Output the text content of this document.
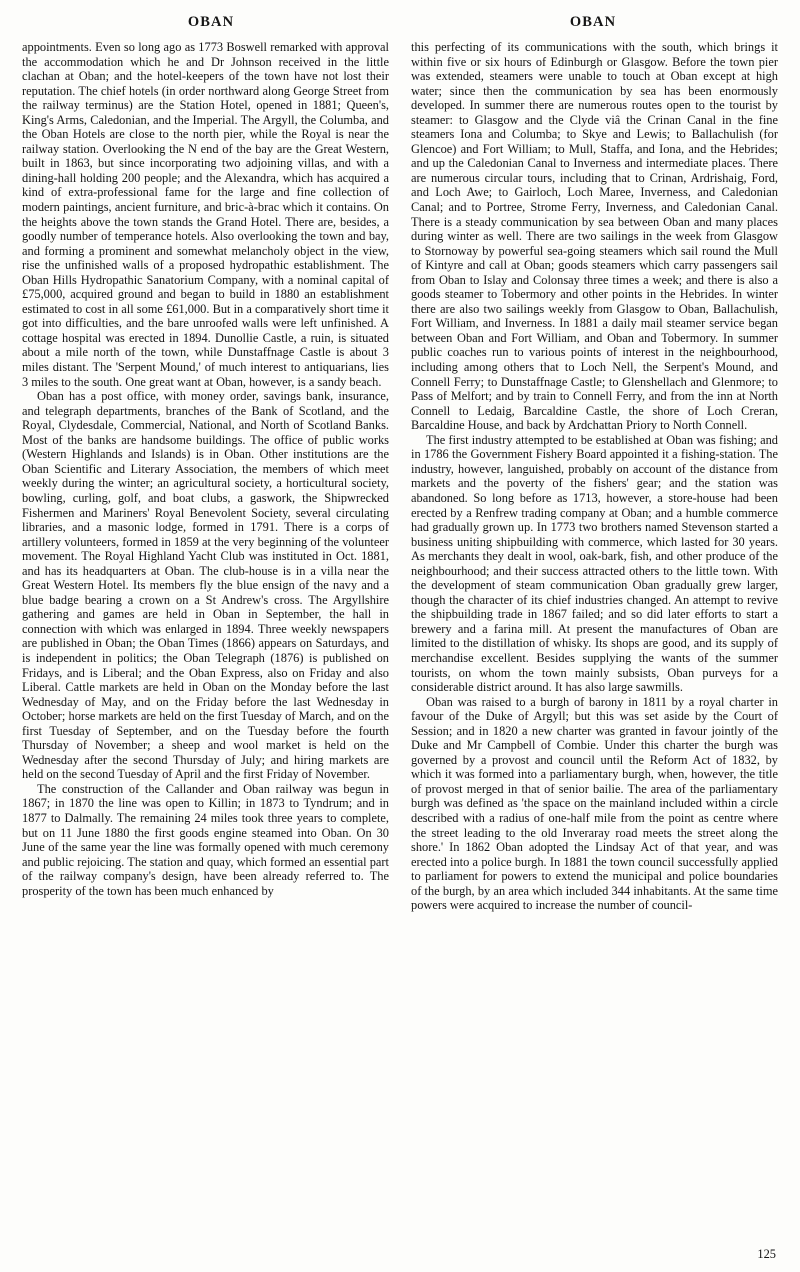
OBAN	OBAN

appointments. Even so long ago as 1773 Boswell remarked with approval the accommodation which he and Dr Johnson received in the little clachan at Oban; and the hotel-keepers of the town have not lost their reputation. The chief hotels (in order northward along George Street from the railway terminus) are the Station Hotel, opened in 1881; Queen's, King's Arms, Caledonian, and the Imperial. The Argyll, the Columba, and the Oban Hotels are close to the north pier, while the Royal is near the railway station. Overlooking the N end of the bay are the Great Western, built in 1863, but since incorporating two adjoining villas, and with a dining-hall holding 200 people; and the Alexandra, which has acquired a kind of extra-professional fame for the large and fine collection of modern paintings, ancient furniture, and bric-à-brac which it contains. On the heights above the town stands the Grand Hotel. There are, besides, a goodly number of temperance hotels. Also overlooking the town and bay, and forming a prominent and somewhat melancholy object in the view, rise the unfinished walls of a proposed hydropathic establishment. The Oban Hills Hydropathic Sanatorium Company, with a nominal capital of £75,000, acquired ground and began to build in 1880 an establishment estimated to cost in all some £61,000. But in a comparatively short time it got into difficulties, and the bare unroofed walls were left unfinished. A cottage hospital was erected in 1894. Dunollie Castle, a ruin, is situated about a mile north of the town, while Dunstaffnage Castle is about 3 miles distant. The 'Serpent Mound,' of much interest to antiquarians, lies 3 miles to the south. One great want at Oban, however, is a sandy beach.

Oban has a post office, with money order, savings bank, insurance, and telegraph departments, branches of the Bank of Scotland, and the Royal, Clydesdale, Commercial, National, and North of Scotland Banks. Most of the banks are handsome buildings. The office of public works (Western Highlands and Islands) is in Oban. Other institutions are the Oban Scientific and Literary Association, the members of which meet weekly during the winter; an agricultural society, a horticultural society, bowling, curling, golf, and boat clubs, a gaswork, the Shipwrecked Fishermen and Mariners' Royal Benevolent Society, several circulating libraries, and a masonic lodge, formed in 1791. There is a corps of artillery volunteers, formed in 1859 at the very beginning of the volunteer movement. The Royal Highland Yacht Club was instituted in Oct. 1881, and has its headquarters at Oban. The club-house is in a villa near the Great Western Hotel. Its members fly the blue ensign of the navy and a blue badge bearing a crown on a St Andrew's cross. The Argyllshire gathering and games are held in Oban in September, the hall in connection with which was enlarged in 1894. Three weekly newspapers are published in Oban; the Oban Times (1866) appears on Saturdays, and is independent in politics; the Oban Telegraph (1876) is published on Fridays, and is Liberal; and the Oban Express, also on Friday and also Liberal. Cattle markets are held in Oban on the Monday before the last Wednesday of May, and on the Friday before the last Wednesday in October; horse markets are held on the first Tuesday of March, and on the first Tuesday of September, and on the Tuesday before the fourth Thursday of November; a sheep and wool market is held on the Wednesday after the second Thursday of July; and hiring markets are held on the second Tuesday of April and the first Friday of November.

The construction of the Callander and Oban railway was begun in 1867; in 1870 the line was open to Killin; in 1873 to Tyndrum; and in 1877 to Dalmally. The remaining 24 miles took three years to complete, but on 11 June 1880 the first goods engine steamed into Oban. On 30 June of the same year the line was formally opened with much ceremony and public rejoicing. The station and quay, which formed an essential part of the railway company's design, have been already referred to. The prosperity of the town has been much enhanced by

this perfecting of its communications with the south, which brings it within five or six hours of Edinburgh or Glasgow. Before the town pier was extended, steamers were unable to touch at Oban except at high water; since then the communication by sea has been enormously developed. In summer there are numerous routes open to the tourist by steamer: to Glasgow and the Clyde viâ the Crinan Canal in the fine steamers Iona and Columba; to Skye and Lewis; to Ballachulish (for Glencoe) and Fort William; to Mull, Staffa, and Iona, and the Hebrides; and up the Caledonian Canal to Inverness and intermediate places. There are numerous circular tours, including that to Crinan, Ardrishaig, Ford, and Loch Awe; to Gairloch, Loch Maree, Inverness, and Caledonian Canal; and to Portree, Strome Ferry, Inverness, and Caledonian Canal. There is a steady communication by sea between Oban and many places during winter as well. There are two sailings in the week from Glasgow to Stornoway by powerful sea-going steamers which sail round the Mull of Kintyre and call at Oban; goods steamers which carry passengers sail from Oban to Islay and Colonsay three times a week; and there is also a goods steamer to Tobermory and other points in the Hebrides. In winter there are also two sailings weekly from Glasgow to Oban, Ballachulish, Fort William, and Inverness. In 1881 a daily mail steamer service began between Oban and Fort William, and Oban and Tobermory. In summer public coaches run to various points of interest in the neighbourhood, including among others that to Loch Nell, the Serpent's Mound, and Connell Ferry; to Dunstaffnage Castle; to Glenshellach and Glenmore; to Pass of Melfort; and by train to Connell Ferry, and from the inn at North Connell to Ledaig, Barcaldine Castle, the shore of Loch Creran, Barcaldine House, and back by Ardchattan Priory to North Connell.

The first industry attempted to be established at Oban was fishing; and in 1786 the Government Fishery Board appointed it a fishing-station. The industry, however, languished, probably on account of the distance from markets and the poverty of the fishers' gear; and the station was abandoned. So long before as 1713, however, a store-house had been erected by a Renfrew trading company at Oban; and a humble commerce had gradually grown up. In 1773 two brothers named Stevenson started a business uniting shipbuilding with commerce, which lasted for 30 years. As merchants they dealt in wool, oak-bark, fish, and other produce of the neighbourhood; and their success attracted others to the little town. With the development of steam communication Oban gradually grew larger, though the character of its chief industries changed. An attempt to revive the shipbuilding trade in 1867 failed; and so did later efforts to start a brewery and a farina mill. At present the manufactures of Oban are limited to the distillation of whisky. Its shops are good, and its supply of merchandise excellent. Besides supplying the wants of the summer tourists, on whom the town mainly subsists, Oban purveys for a considerable district around. It has also large sawmills.

Oban was raised to a burgh of barony in 1811 by a royal charter in favour of the Duke of Argyll; but this was set aside by the Court of Session; and in 1820 a new charter was granted in favour jointly of the Duke and Mr Campbell of Combie. Under this charter the burgh was governed by a provost and council until the Reform Act of 1832, by which it was formed into a parliamentary burgh, when, however, the title of provost merged in that of senior bailie. The area of the parliamentary burgh was defined as 'the space on the mainland included within a circle described with a radius of one-half mile from the point as centre where the street leading to the old Inveraray road meets the street along the shore.' In 1862 Oban adopted the Lindsay Act of that year, and was erected into a police burgh. In 1881 the town council successfully applied to parliament for powers to extend the municipal and police boundaries of the burgh, by an area which included 344 inhabitants. At the same time powers were acquired to increase the number of council-

125
